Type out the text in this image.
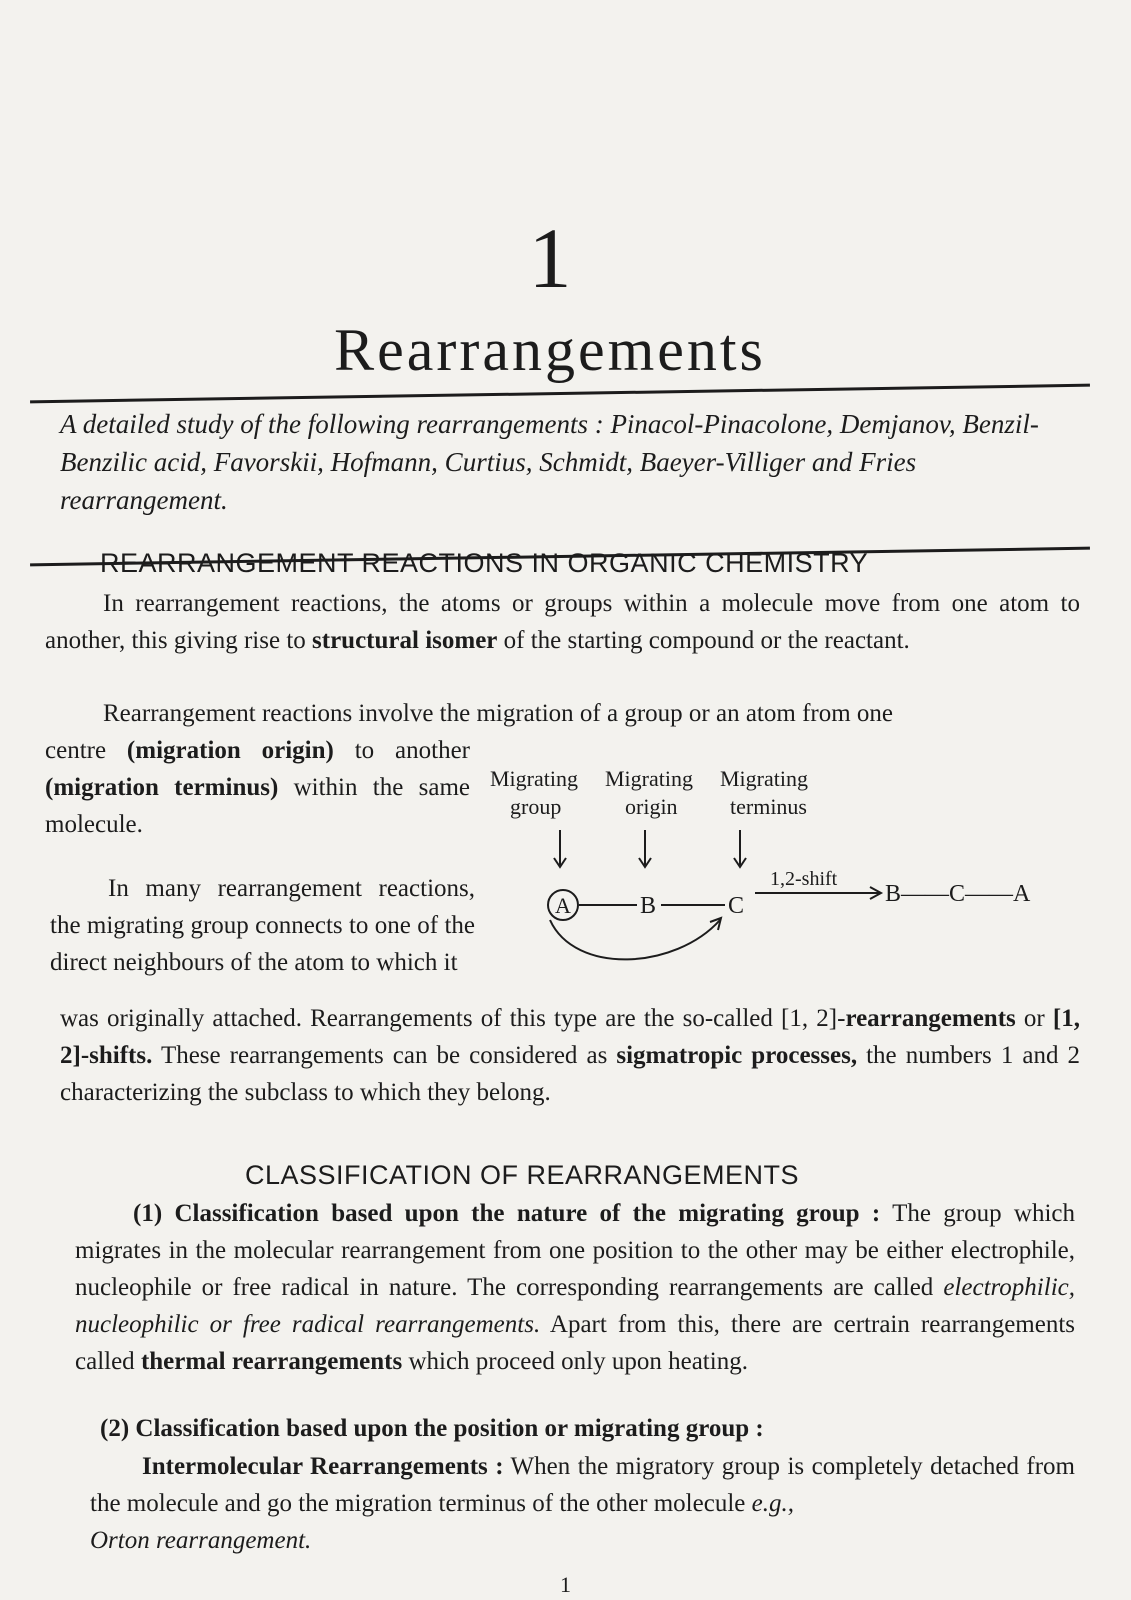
1
Rearrangements
A detailed study of the following rearrangements : Pinacol-Pinacolone, Demjanov, Benzil-Benzilic acid, Favorskii, Hofmann, Curtius, Schmidt, Baeyer-Villiger and Fries rearrangement.
REARRANGEMENT REACTIONS IN ORGANIC CHEMISTRY
In rearrangement reactions, the atoms or groups within a molecule move from one atom to another, this giving rise to structural isomer of the starting compound or the reactant.
Rearrangement reactions involve the migration of a group or an atom from one
centre (migration origin) to another (migration terminus) within the same molecule.
Migrating
group
Migrating
origin
Migrating
terminus
A	B	C
1,2-shift
B——C——A
In many rearrangement reactions, the migrating group connects to one of the direct neighbours of the atom to which it
was originally attached. Rearrangements of this type are the so-called [1, 2]-rearrangements or [1, 2]-shifts. These rearrangements can be considered as sigmatropic processes, the numbers 1 and 2 characterizing the subclass to which they belong.
CLASSIFICATION OF REARRANGEMENTS
(1) Classification based upon the nature of the migrating group : The group which migrates in the molecular rearrangement from one position to the other may be either electrophile, nucleophile or free radical in nature. The corresponding rearrangements are called electrophilic, nucleophilic or free radical rearrangements. Apart from this, there are certrain rearrangements called thermal rearrangements which proceed only upon heating.
(2) Classification based upon the position or migrating group :
Intermolecular Rearrangements : When the migratory group is completely detached from the molecule and go the migration terminus of the other molecule e.g.,
Orton rearrangement.
1
